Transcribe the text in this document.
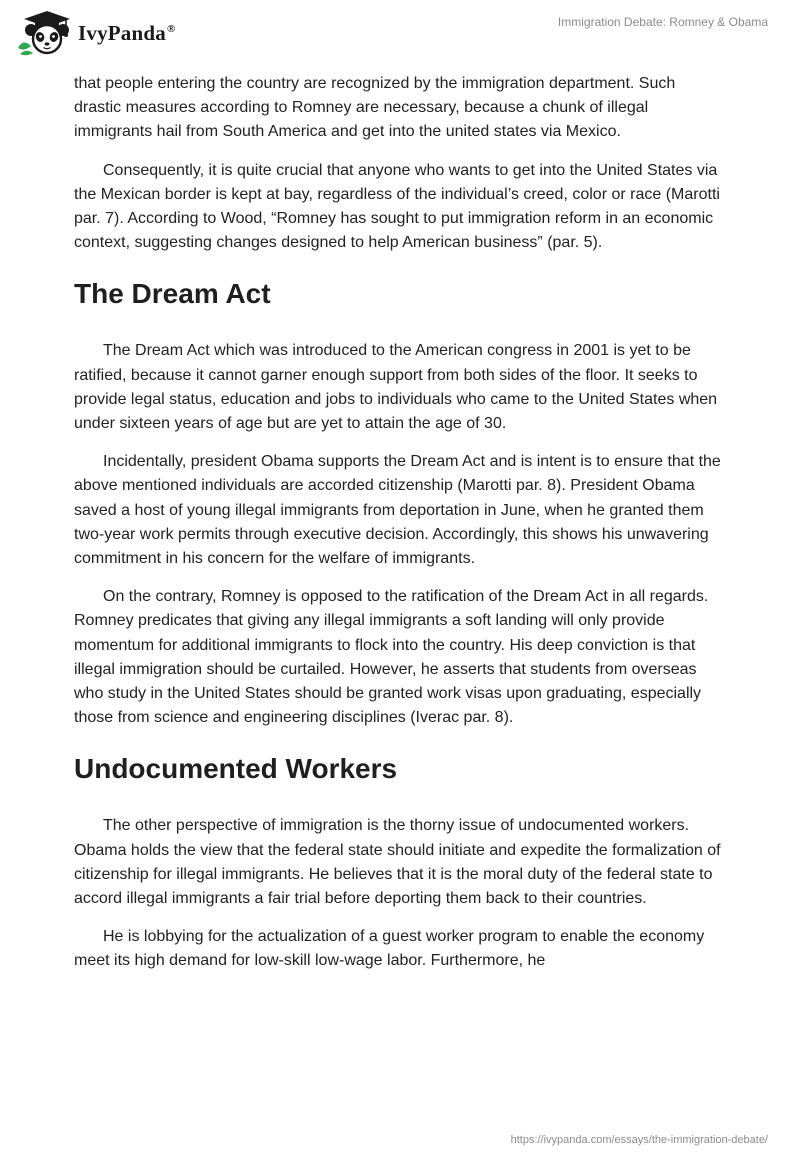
IvyPanda®	Immigration Debate: Romney & Obama

that people entering the country are recognized by the immigration department. Such drastic measures according to Romney are necessary, because a chunk of illegal immigrants hail from South America and get into the united states via Mexico.

Consequently, it is quite crucial that anyone who wants to get into the United States via the Mexican border is kept at bay, regardless of the individual’s creed, color or race (Marotti par. 7). According to Wood, “Romney has sought to put immigration reform in an economic context, suggesting changes designed to help American business” (par. 5).

The Dream Act

The Dream Act which was introduced to the American congress in 2001 is yet to be ratified, because it cannot garner enough support from both sides of the floor. It seeks to provide legal status, education and jobs to individuals who came to the United States when under sixteen years of age but are yet to attain the age of 30.

Incidentally, president Obama supports the Dream Act and is intent is to ensure that the above mentioned individuals are accorded citizenship (Marotti par. 8). President Obama saved a host of young illegal immigrants from deportation in June, when he granted them two-year work permits through executive decision. Accordingly, this shows his unwavering commitment in his concern for the welfare of immigrants.

On the contrary, Romney is opposed to the ratification of the Dream Act in all regards. Romney predicates that giving any illegal immigrants a soft landing will only provide momentum for additional immigrants to flock into the country. His deep conviction is that illegal immigration should be curtailed. However, he asserts that students from overseas who study in the United States should be granted work visas upon graduating, especially those from science and engineering disciplines (Iverac par. 8).

Undocumented Workers

The other perspective of immigration is the thorny issue of undocumented workers. Obama holds the view that the federal state should initiate and expedite the formalization of citizenship for illegal immigrants. He believes that it is the moral duty of the federal state to accord illegal immigrants a fair trial before deporting them back to their countries.

He is lobbying for the actualization of a guest worker program to enable the economy meet its high demand for low-skill low-wage labor. Furthermore, he

https://ivypanda.com/essays/the-immigration-debate/
